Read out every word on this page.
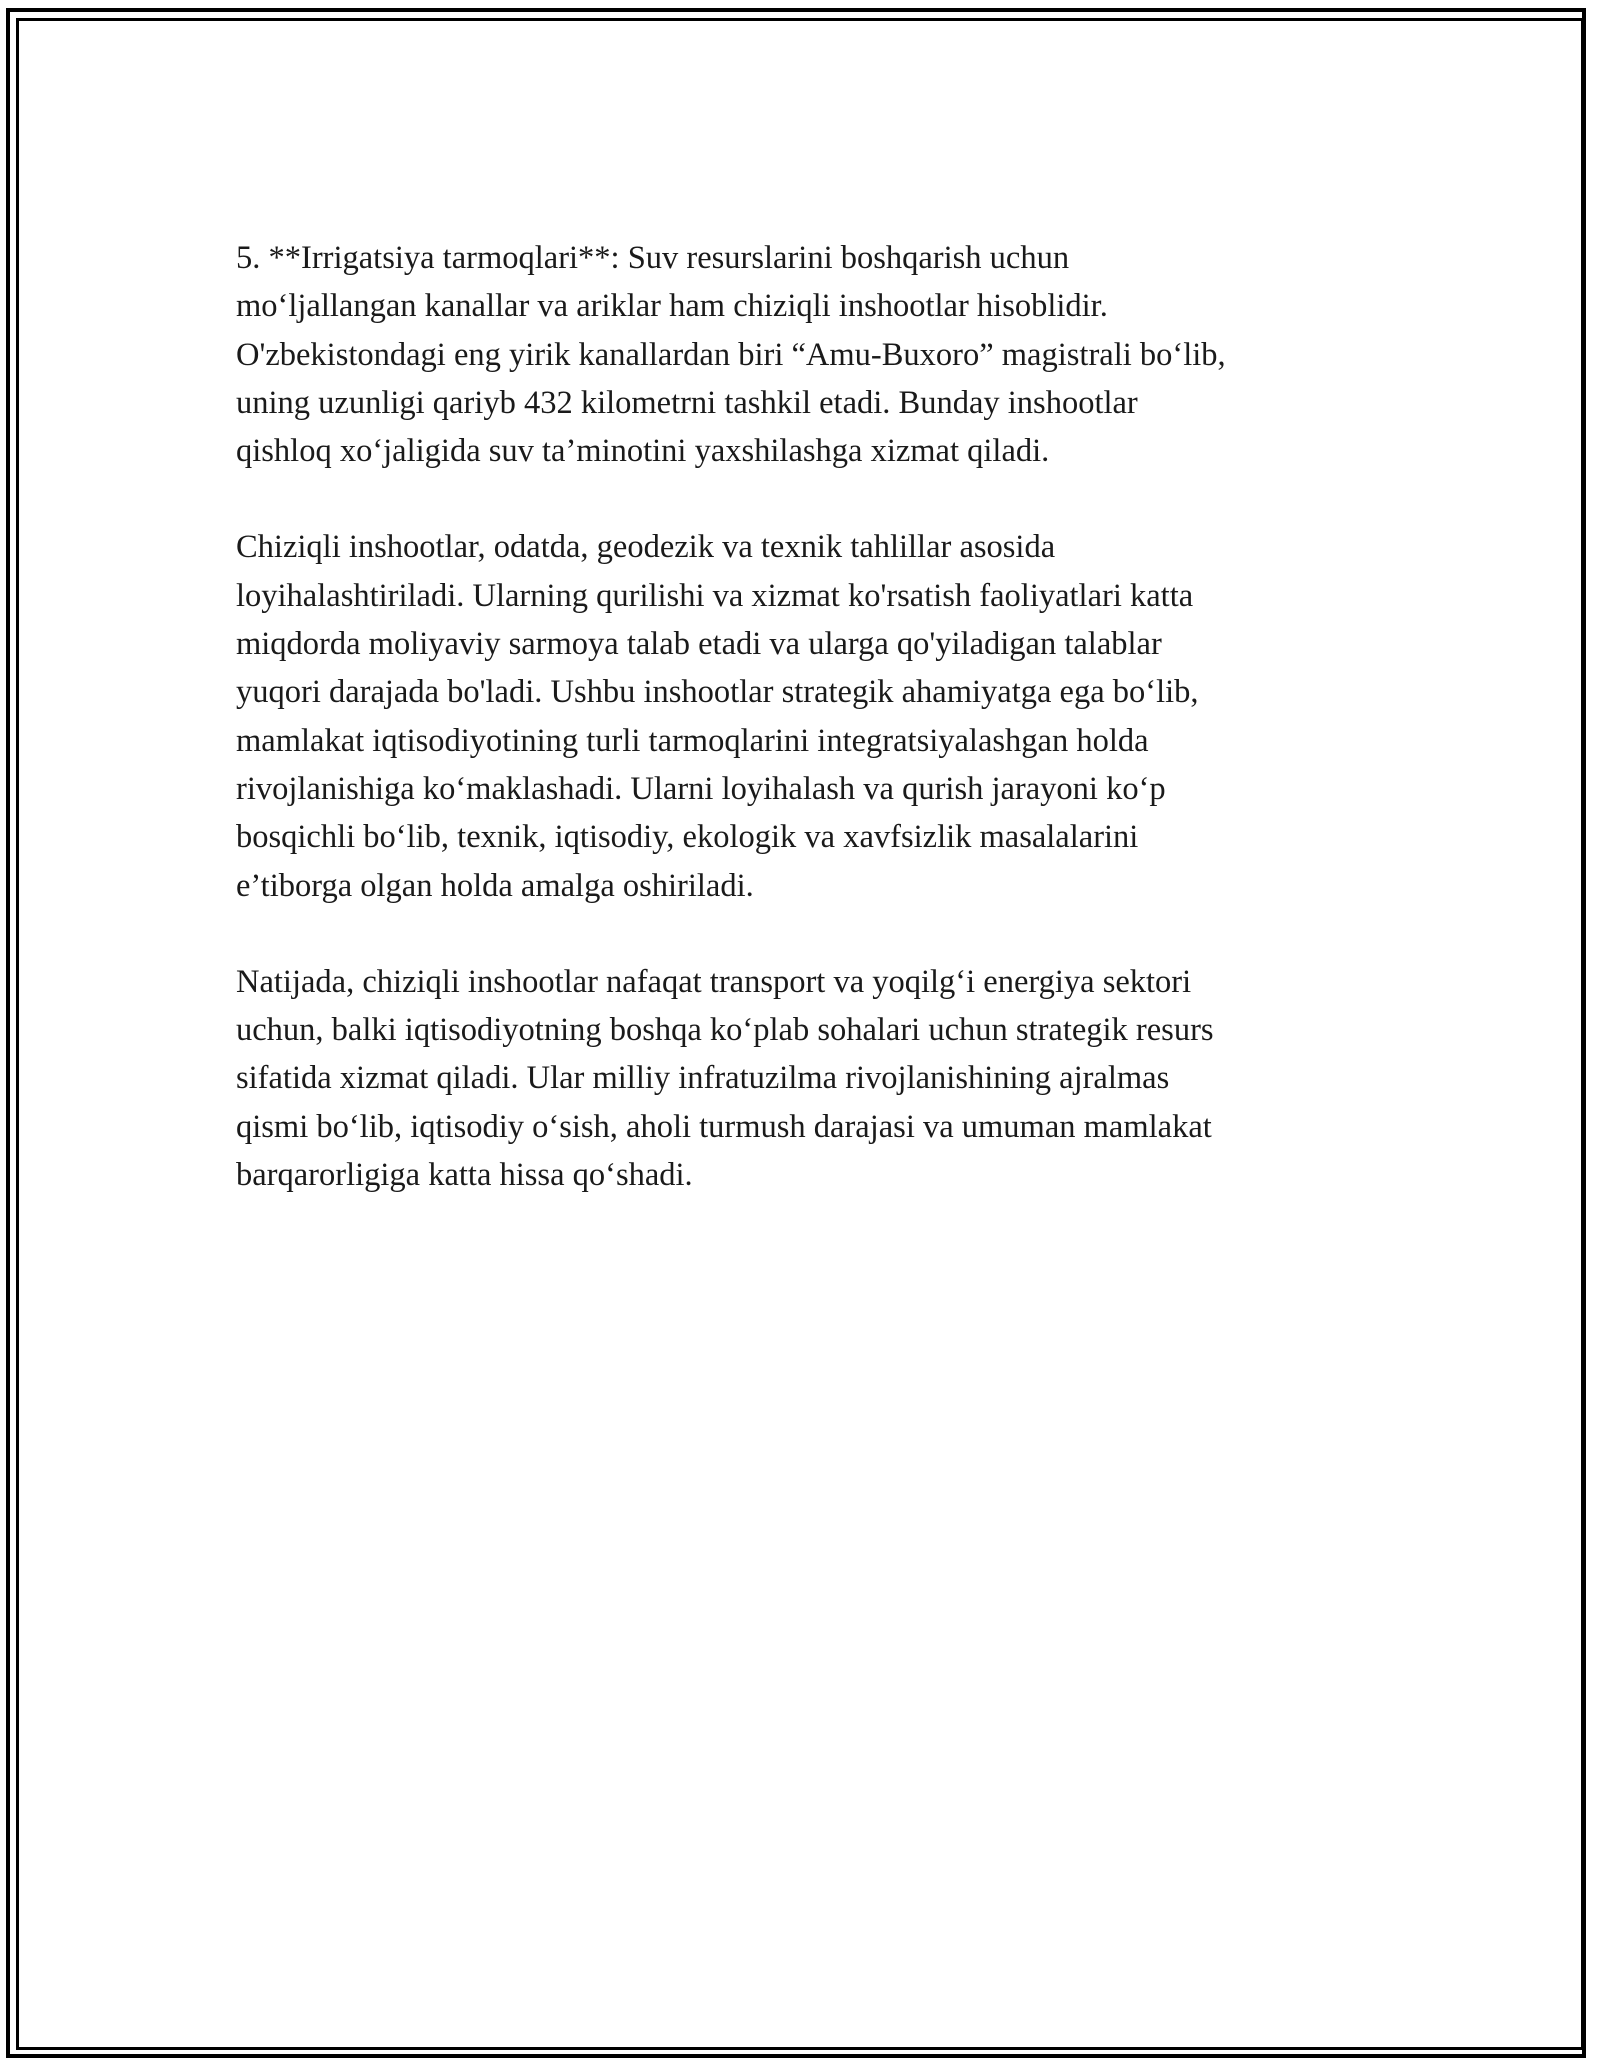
5. **Irrigatsiya tarmoqlari**: Suv resurslarini boshqarish uchun
mo‘ljallangan kanallar va ariklar ham chiziqli inshootlar hisoblidir.
O'zbekistondagi eng yirik kanallardan biri “Amu-Buxoro” magistrali bo‘lib,
uning uzunligi qariyb 432 kilometrni tashkil etadi. Bunday inshootlar
qishloq xo‘jaligida suv ta’minotini yaxshilashga xizmat qiladi.

Chiziqli inshootlar, odatda, geodezik va texnik tahlillar asosida
loyihalashtiriladi. Ularning qurilishi va xizmat ko'rsatish faoliyatlari katta
miqdorda moliyaviy sarmoya talab etadi va ularga qo'yiladigan talablar
yuqori darajada bo'ladi. Ushbu inshootlar strategik ahamiyatga ega bo‘lib,
mamlakat iqtisodiyotining turli tarmoqlarini integratsiyalashgan holda
rivojlanishiga ko‘maklashadi. Ularni loyihalash va qurish jarayoni ko‘p
bosqichli bo‘lib, texnik, iqtisodiy, ekologik va xavfsizlik masalalarini
e’tiborga olgan holda amalga oshiriladi.

Natijada, chiziqli inshootlar nafaqat transport va yoqilg‘i energiya sektori
uchun, balki iqtisodiyotning boshqa ko‘plab sohalari uchun strategik resurs
sifatida xizmat qiladi. Ular milliy infratuzilma rivojlanishining ajralmas
qismi bo‘lib, iqtisodiy o‘sish, aholi turmush darajasi va umuman mamlakat
barqarorligiga katta hissa qo‘shadi.
